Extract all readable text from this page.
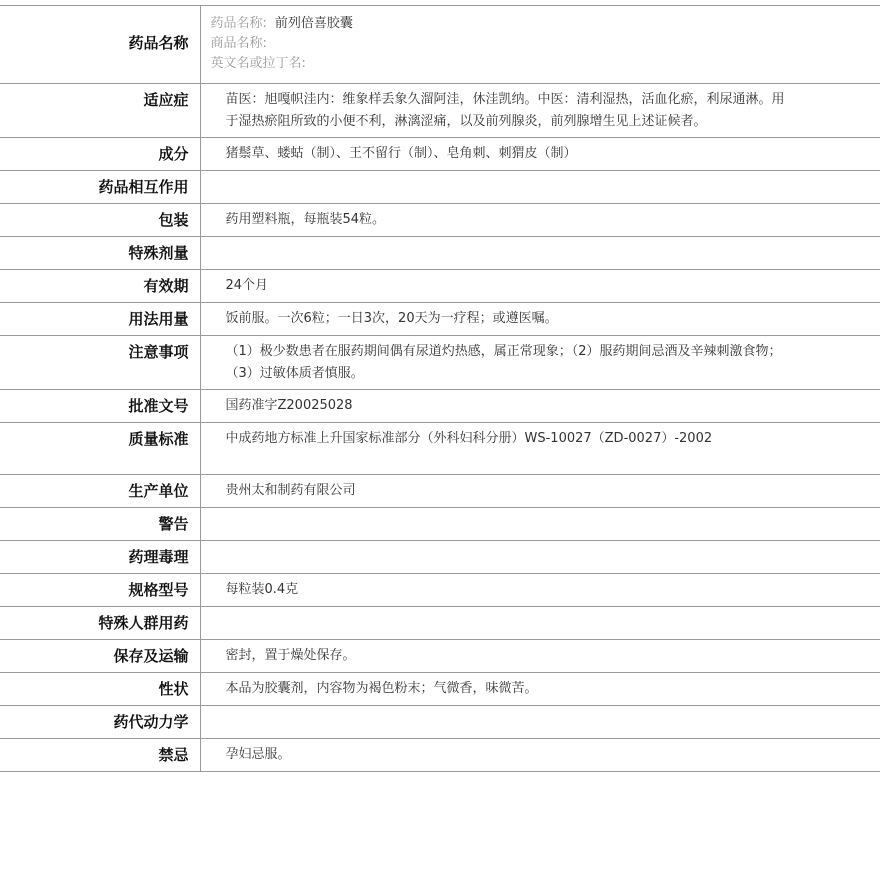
药品名称	药品名称: 前列倍喜胶囊
商品名称:
英文名或拉丁名:

适应症	苗医：旭嘎帜洼内：维象样丢象久溜阿洼，休洼凯纳。中医：清利湿热，活血化瘀，利尿通淋。用于湿热瘀阻所致的小便不利，淋漓涩痛，以及前列腺炎，前列腺增生见上述证候者。
成分	猪鬃草、蝼蛄（制）、王不留行（制）、皂角刺、刺猬皮（制）
药品相互作用	
包装	药用塑料瓶，每瓶装54粒。
特殊剂量	
有效期	24个月
用法用量	饭前服。一次6粒；一日3次，20天为一疗程；或遵医嘱。
注意事项	（1）极少数患者在服药期间偶有尿道灼热感，属正常现象；（2）服药期间忌酒及辛辣刺激食物；（3）过敏体质者慎服。
批准文号	国药准字Z20025028
质量标准	中成药地方标准上升国家标准部分（外科妇科分册）WS-10027（ZD-0027）-2002
生产单位	贵州太和制药有限公司
警告	
药理毒理	
规格型号	每粒装0.4克
特殊人群用药	
保存及运输	密封，置于燥处保存。
性状	本品为胶囊剂，内容物为褐色粉末；气微香，味微苦。
药代动力学	
禁忌	孕妇忌服。
